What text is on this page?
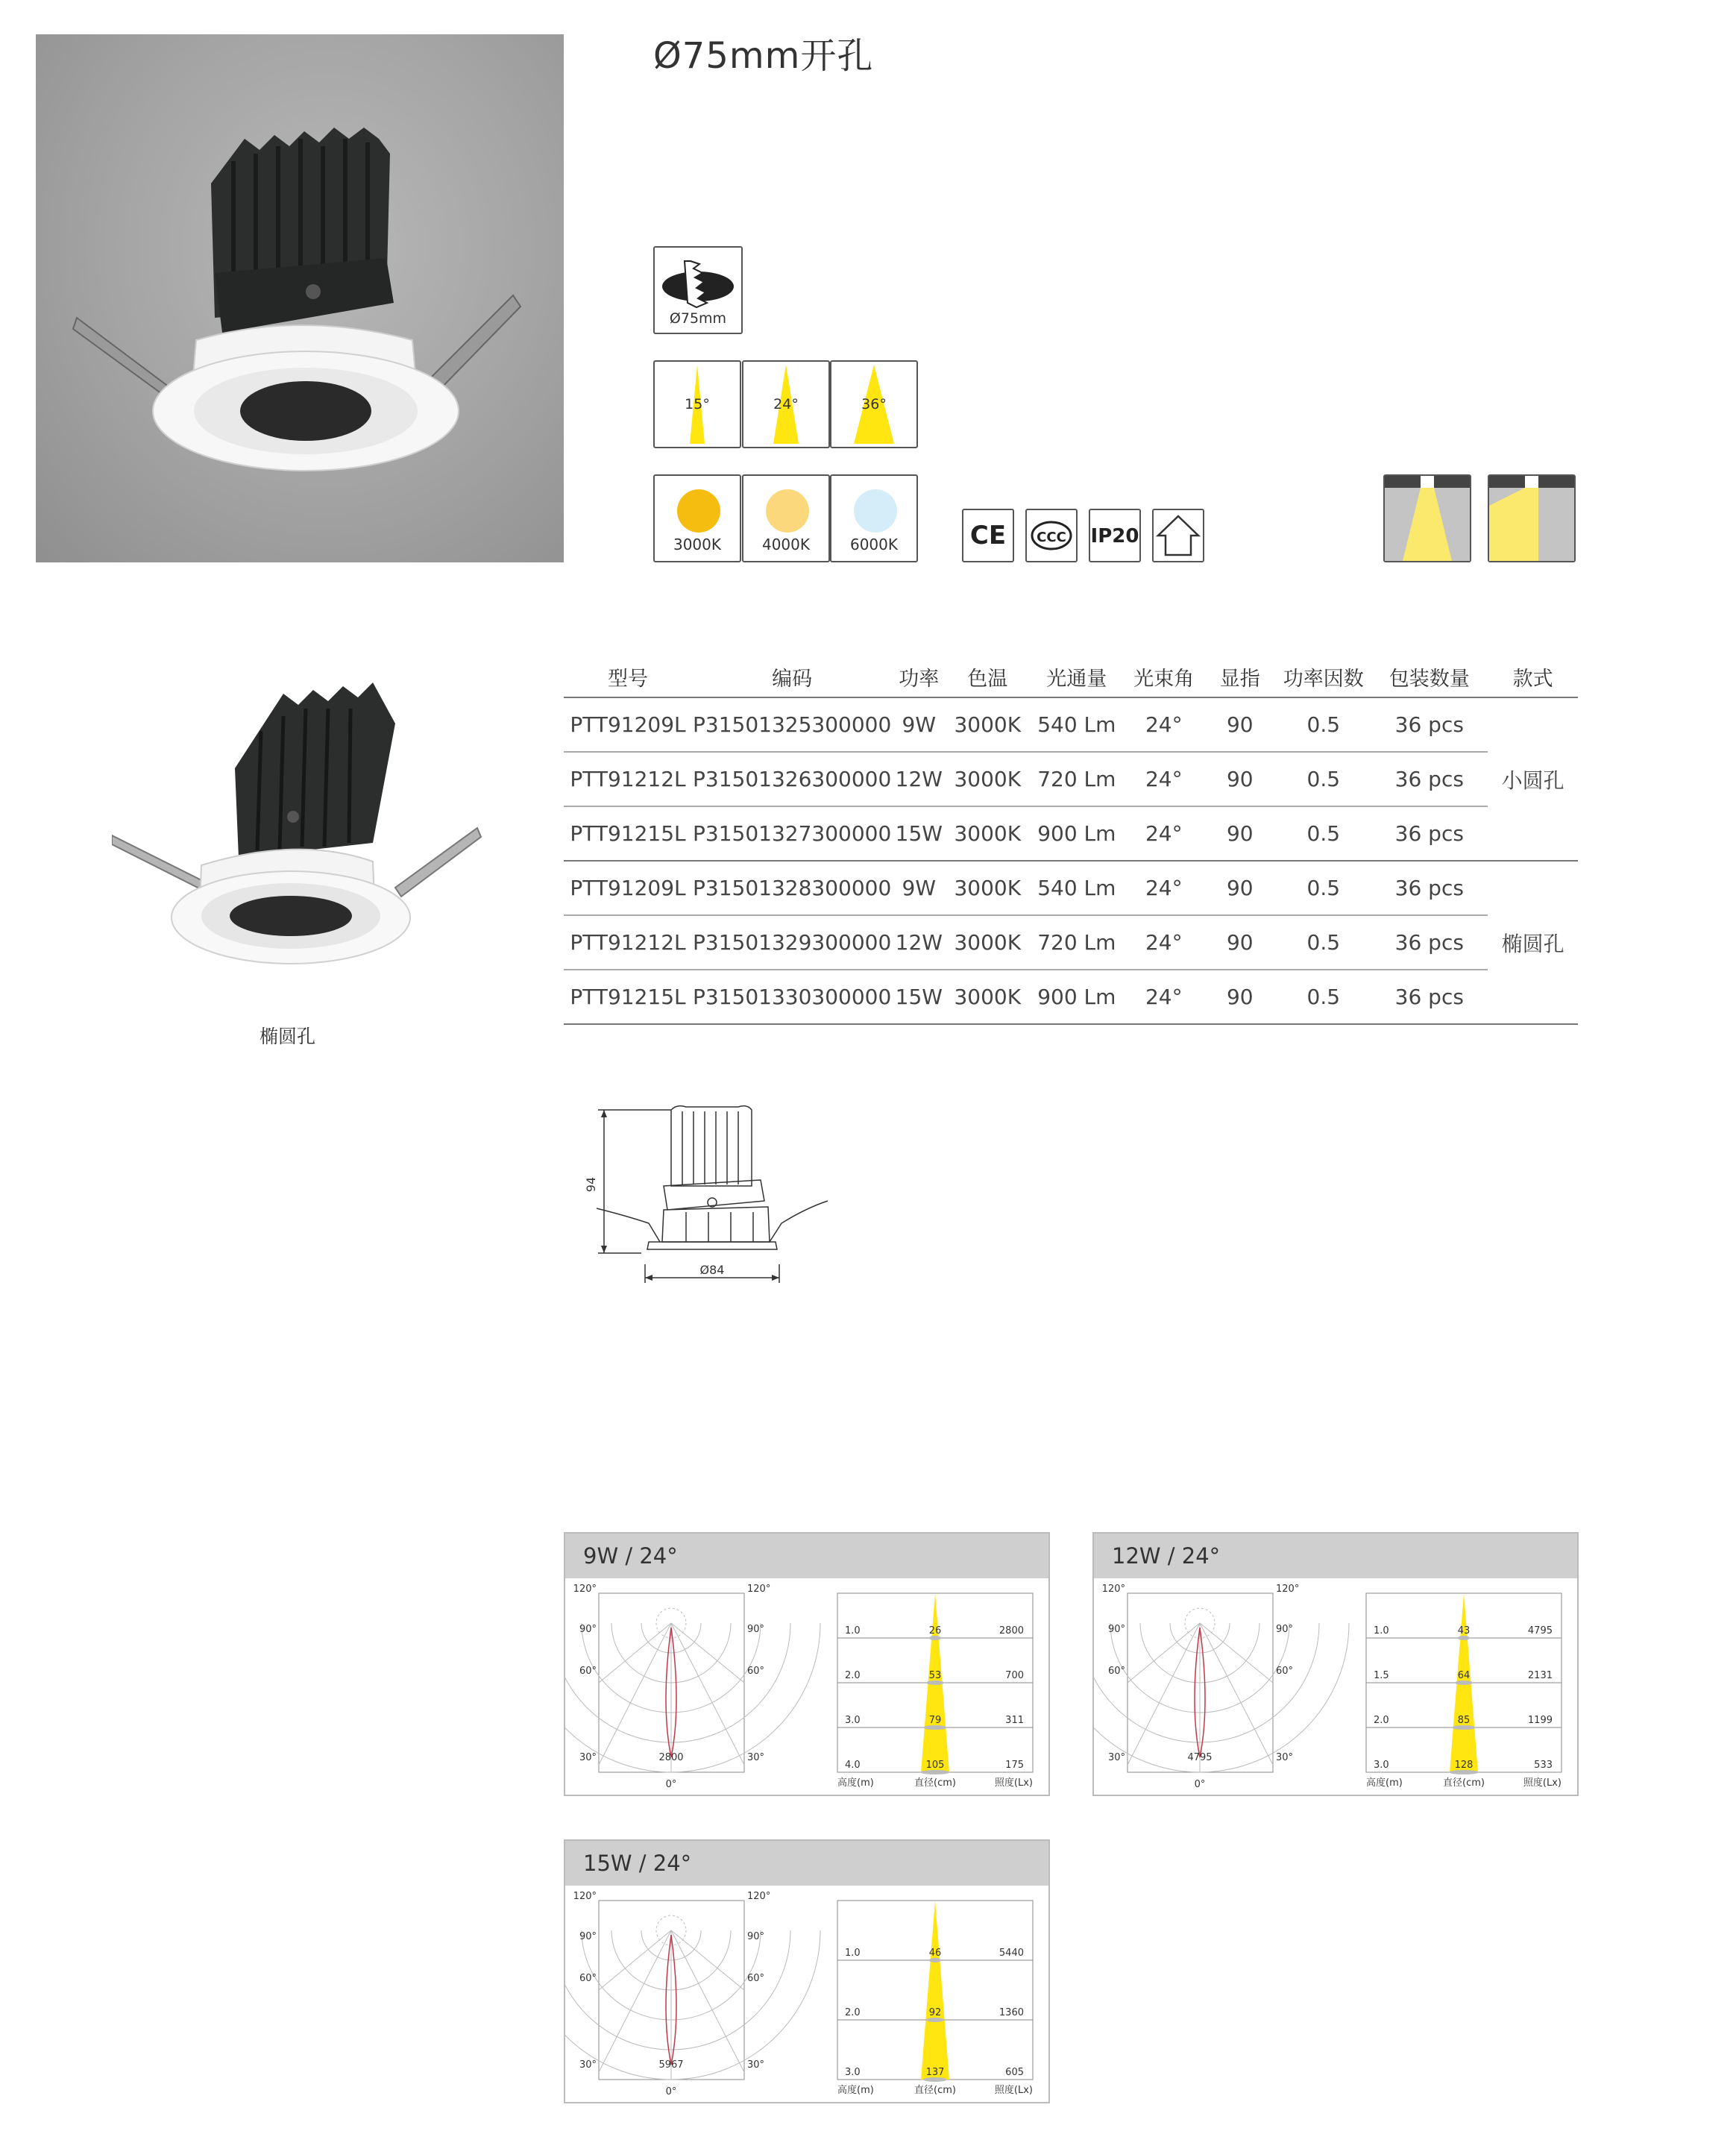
Ø75mm开孔
椭圆孔
Ø75mm
15°	24°	36°
3000K	4000K	6000K	CE	CCC IP20
型号	编码	功率	色温	光通量	光束角	显指	功率因数	包装数量	款式
PTT91209L	P31501325300000	9W	3000K	540 Lm	24°	90	0.5	36 pcs	小圆孔
PTT91212L	P31501326300000	12W	3000K	720 Lm	24°	90	0.5	36 pcs	
PTT91215L	P31501327300000	15W	3000K	900 Lm	24°	90	0.5	36 pcs	
PTT91209L	P31501328300000	9W	3000K	540 Lm	24°	90	0.5	36 pcs	椭圆孔
PTT91212L	P31501329300000	12W	3000K	720 Lm	24°	90	0.5	36 pcs	
PTT91215L	P31501330300000	15W	3000K	900 Lm	24°	90	0.5	36 pcs	
94
Ø84
9W / 24°
120°	120°
90°	90°
60°	60°
30°	30°
0°
2800
1.0	26	2800
2.0	53	700
3.0	79	311
4.0	105	175
高度(m)	直径(cm)	照度(Lx)
12W / 24°
120°	120°
90°	90°
60°	60°
30°	30°
0°
4795
1.0	43	4795
1.5	64	2131
2.0	85	1199
3.0	128	533
高度(m)	直径(cm)	照度(Lx)
15W / 24°
120°	120°
90°	90°
60°	60°
30°	30°
0°
5967
1.0	46	5440
2.0	92	1360
3.0	137	605
高度(m)	直径(cm)	照度(Lx)
